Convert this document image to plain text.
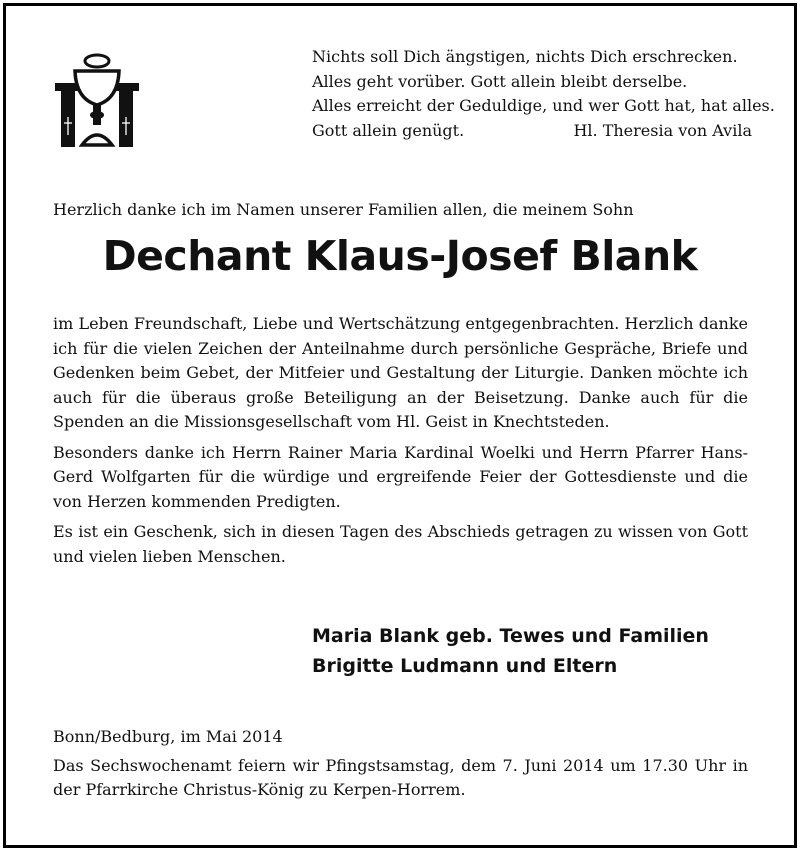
Nichts soll Dich ängstigen, nichts Dich erschrecken.
Alles geht vorüber. Gott allein bleibt derselbe.
Alles erreicht der Geduldige, und wer Gott hat, hat alles.
Gott allein genügt.	Hl. Theresia von Avila
Herzlich danke ich im Namen unserer Familien allen, die meinem Sohn
Dechant Klaus-Josef Blank

im Leben Freundschaft, Liebe und Wertschätzung entgegenbrachten. Herzlich danke ich für die vielen Zeichen der Anteilnahme durch persönliche Gespräche, Briefe und Gedenken beim Gebet, der Mitfeier und Gestaltung der Liturgie. Danken möchte ich auch für die überaus große Beteiligung an der Beisetzung. Danke auch für die Spenden an die Missionsgesellschaft vom Hl. Geist in Knechtsteden.

Besonders danke ich Herrn Rainer Maria Kardinal Woelki und Herrn Pfarrer Hans-Gerd Wolfgarten für die würdige und ergreifende Feier der Gottesdienste und die von Herzen kommenden Predigten.

Es ist ein Geschenk, sich in diesen Tagen des Abschieds getragen zu wissen von Gott und vielen lieben Menschen.

Maria Blank geb. Tewes und Familien
Brigitte Ludmann und Eltern
Bonn/Bedburg, im Mai 2014

Das Sechswochenamt feiern wir Pfingstsamstag, dem 7. Juni 2014 um 17.30 Uhr in der Pfarrkirche Christus-König zu Kerpen-Horrem.
